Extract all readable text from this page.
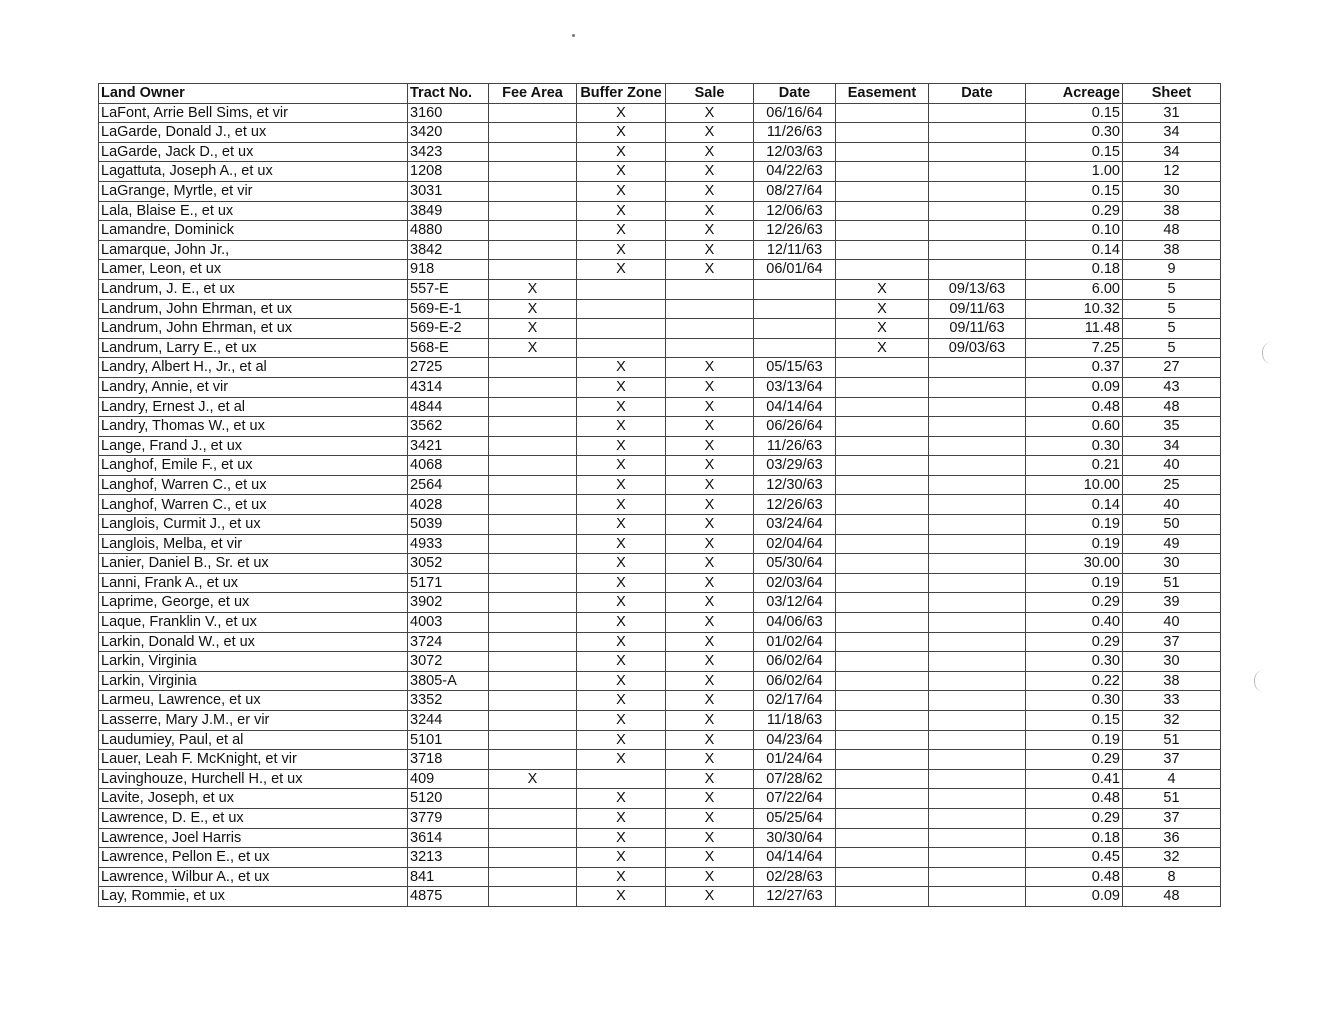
Land Owner	Tract No.	Fee Area	Buffer Zone	Sale	Date	Easement	Date	Acreage	Sheet
LaFont, Arrie Bell Sims, et vir	3160		X	X	06/16/64			0.15	31
LaGarde, Donald J., et ux	3420		X	X	11/26/63			0.30	34
LaGarde, Jack D., et ux	3423		X	X	12/03/63			0.15	34
Lagattuta, Joseph A., et ux	1208		X	X	04/22/63			1.00	12
LaGrange, Myrtle, et vir	3031		X	X	08/27/64			0.15	30
Lala, Blaise E., et ux	3849		X	X	12/06/63			0.29	38
Lamandre, Dominick	4880		X	X	12/26/63			0.10	48
Lamarque, John Jr.,	3842		X	X	12/11/63			0.14	38
Lamer, Leon, et ux	918		X	X	06/01/64			0.18	9
Landrum, J. E., et ux	557-E	X				X	09/13/63	6.00	5
Landrum, John Ehrman, et ux	569-E-1	X				X	09/11/63	10.32	5
Landrum, John Ehrman, et ux	569-E-2	X				X	09/11/63	11.48	5
Landrum, Larry E., et ux	568-E	X				X	09/03/63	7.25	5
Landry, Albert H., Jr., et al	2725		X	X	05/15/63			0.37	27
Landry, Annie, et vir	4314		X	X	03/13/64			0.09	43
Landry, Ernest J., et al	4844		X	X	04/14/64			0.48	48
Landry, Thomas W., et ux	3562		X	X	06/26/64			0.60	35
Lange, Frand J., et ux	3421		X	X	11/26/63			0.30	34
Langhof, Emile F., et ux	4068		X	X	03/29/63			0.21	40
Langhof, Warren C., et ux	2564		X	X	12/30/63			10.00	25
Langhof, Warren C., et ux	4028		X	X	12/26/63			0.14	40
Langlois, Curmit J., et ux	5039		X	X	03/24/64			0.19	50
Langlois, Melba, et vir	4933		X	X	02/04/64			0.19	49
Lanier, Daniel B., Sr. et ux	3052		X	X	05/30/64			30.00	30
Lanni, Frank A., et ux	5171		X	X	02/03/64			0.19	51
Laprime, George, et ux	3902		X	X	03/12/64			0.29	39
Laque, Franklin V., et ux	4003		X	X	04/06/63			0.40	40
Larkin, Donald W., et ux	3724		X	X	01/02/64			0.29	37
Larkin, Virginia	3072		X	X	06/02/64			0.30	30
Larkin, Virginia	3805-A		X	X	06/02/64			0.22	38
Larmeu, Lawrence, et ux	3352		X	X	02/17/64			0.30	33
Lasserre, Mary J.M., er vir	3244		X	X	11/18/63			0.15	32
Laudumiey, Paul, et al	5101		X	X	04/23/64			0.19	51
Lauer, Leah F. McKnight, et vir	3718		X	X	01/24/64			0.29	37
Lavinghouze, Hurchell H., et ux	409	X		X	07/28/62			0.41	4
Lavite, Joseph, et ux	5120		X	X	07/22/64			0.48	51
Lawrence, D. E., et ux	3779		X	X	05/25/64			0.29	37
Lawrence, Joel Harris	3614		X	X	30/30/64			0.18	36
Lawrence, Pellon E., et ux	3213		X	X	04/14/64			0.45	32
Lawrence, Wilbur A., et ux	841		X	X	02/28/63			0.48	8
Lay, Rommie, et ux	4875		X	X	12/27/63			0.09	48
